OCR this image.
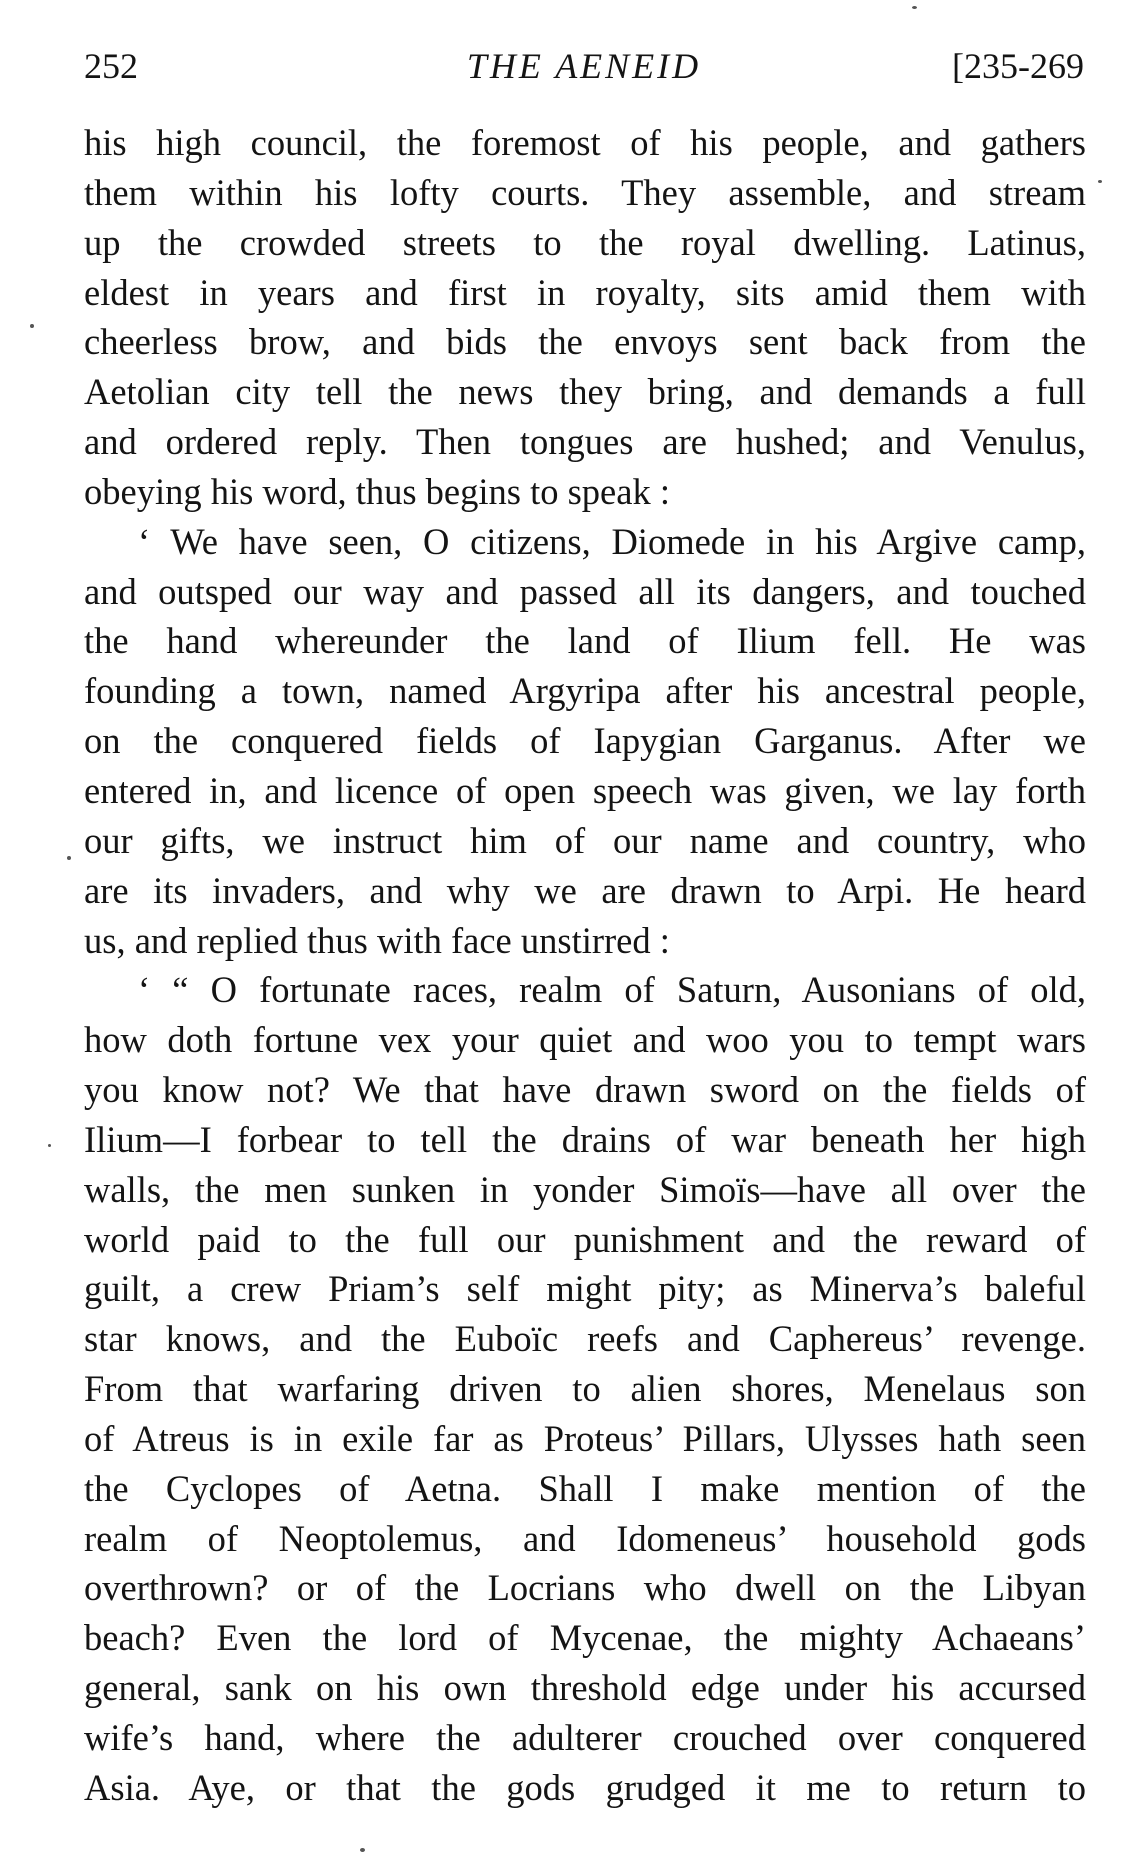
252	THE AENEID	[235-269
his high council, the foremost of his people, and gathers
them within his lofty courts. They assemble, and stream
up the crowded streets to the royal dwelling. Latinus,
eldest in years and first in royalty, sits amid them with
cheerless brow, and bids the envoys sent back from the
Aetolian city tell the news they bring, and demands a full
and ordered reply. Then tongues are hushed; and Venulus,
obeying his word, thus begins to speak :
‘ We have seen, O citizens, Diomede in his Argive camp,
and outsped our way and passed all its dangers, and touched
the hand whereunder the land of Ilium fell. He was
founding a town, named Argyripa after his ancestral people,
on the conquered fields of Iapygian Garganus. After we
entered in, and licence of open speech was given, we lay forth
our gifts, we instruct him of our name and country, who
are its invaders, and why we are drawn to Arpi. He heard
us, and replied thus with face unstirred :
‘ “ O fortunate races, realm of Saturn, Ausonians of old,
how doth fortune vex your quiet and woo you to tempt wars
you know not? We that have drawn sword on the fields of
Ilium—I forbear to tell the drains of war beneath her high
walls, the men sunken in yonder Simoïs—have all over the
world paid to the full our punishment and the reward of
guilt, a crew Priam’s self might pity; as Minerva’s baleful
star knows, and the Euboïc reefs and Caphereus’ revenge.
From that warfaring driven to alien shores, Menelaus son
of Atreus is in exile far as Proteus’ Pillars, Ulysses hath seen
the Cyclopes of Aetna. Shall I make mention of the
realm of Neoptolemus, and Idomeneus’ household gods
overthrown? or of the Locrians who dwell on the Libyan
beach? Even the lord of Mycenae, the mighty Achaeans’
general, sank on his own threshold edge under his accursed
wife’s hand, where the adulterer crouched over conquered
Asia. Aye, or that the gods grudged it me to return to
